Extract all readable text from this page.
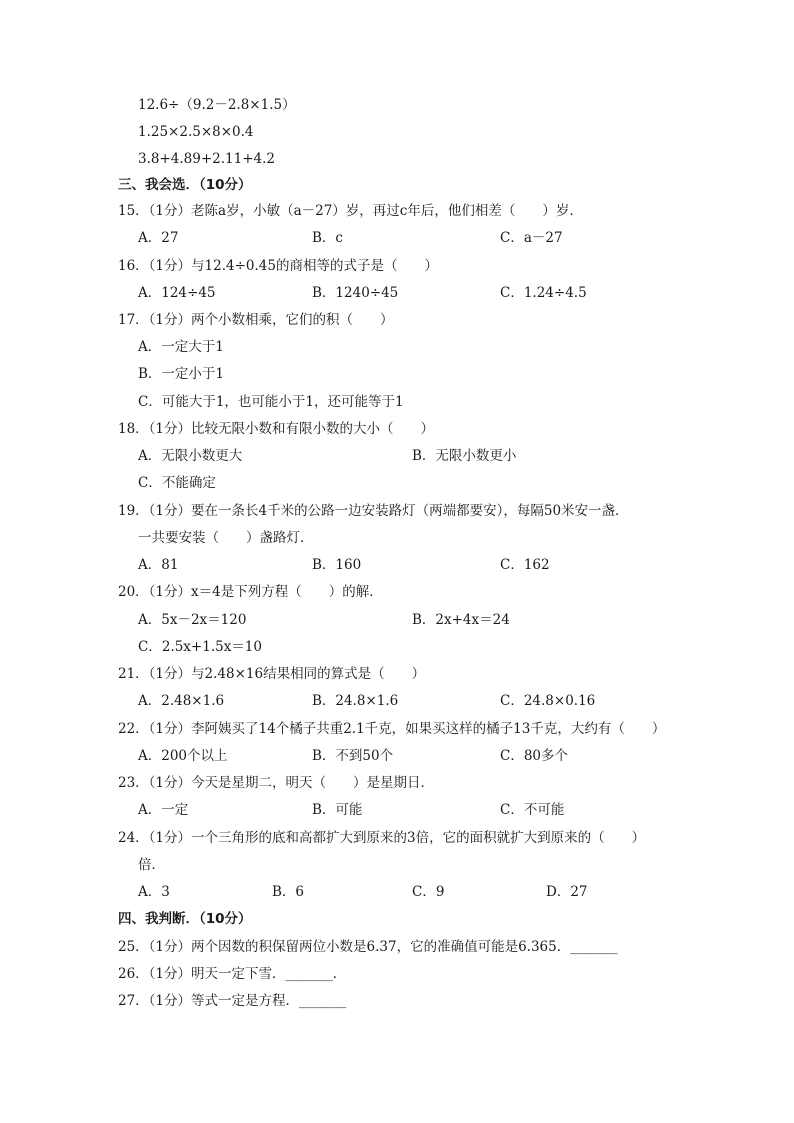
12.6÷（9.2－2.8×1.5）
1.25×2.5×8×0.4
3.8+4.89+2.11+4.2
三、我会选．（10分）
15．（1分）老陈a岁，小敏（a－27）岁，再过c年后，他们相差（　　）岁．
A．27	B．c	C．a－27
16．（1分）与12.4÷0.45的商相等的式子是（　　）
A．124÷45	B．1240÷45	C．1.24÷4.5
17．（1分）两个小数相乘，它们的积（　　）
A．一定大于1
B．一定小于1
C．可能大于1，也可能小于1，还可能等于1
18．（1分）比较无限小数和有限小数的大小（　　）
A．无限小数更大	B．无限小数更小
C．不能确定
19．（1分）要在一条长4千米的公路一边安装路灯（两端都要安），每隔50米安一盏．
一共要安装（　　）盏路灯．
A．81	B．160	C．162
20．（1分）x＝4是下列方程（　　）的解．
A．5x－2x＝120	B．2x+4x＝24
C．2.5x+1.5x＝10
21．（1分）与2.48×16结果相同的算式是（　　）
A．2.48×1.6	B．24.8×1.6	C．24.8×0.16
22．（1分）李阿姨买了14个橘子共重2.1千克，如果买这样的橘子13千克，大约有（　　）
A．200个以上	B．不到50个	C．80多个
23．（1分）今天是星期二，明天（　　）是星期日．
A．一定	B．可能	C．不可能
24．（1分）一个三角形的底和高都扩大到原来的3倍，它的面积就扩大到原来的（　　）
倍．
A．3	B．6	C．9	D．27
四、我判断．（10分）
25．（1分）两个因数的积保留两位小数是6.37，它的准确值可能是6.365．_______
26．（1分）明天一定下雪．_______．
27．（1分）等式一定是方程．_______
